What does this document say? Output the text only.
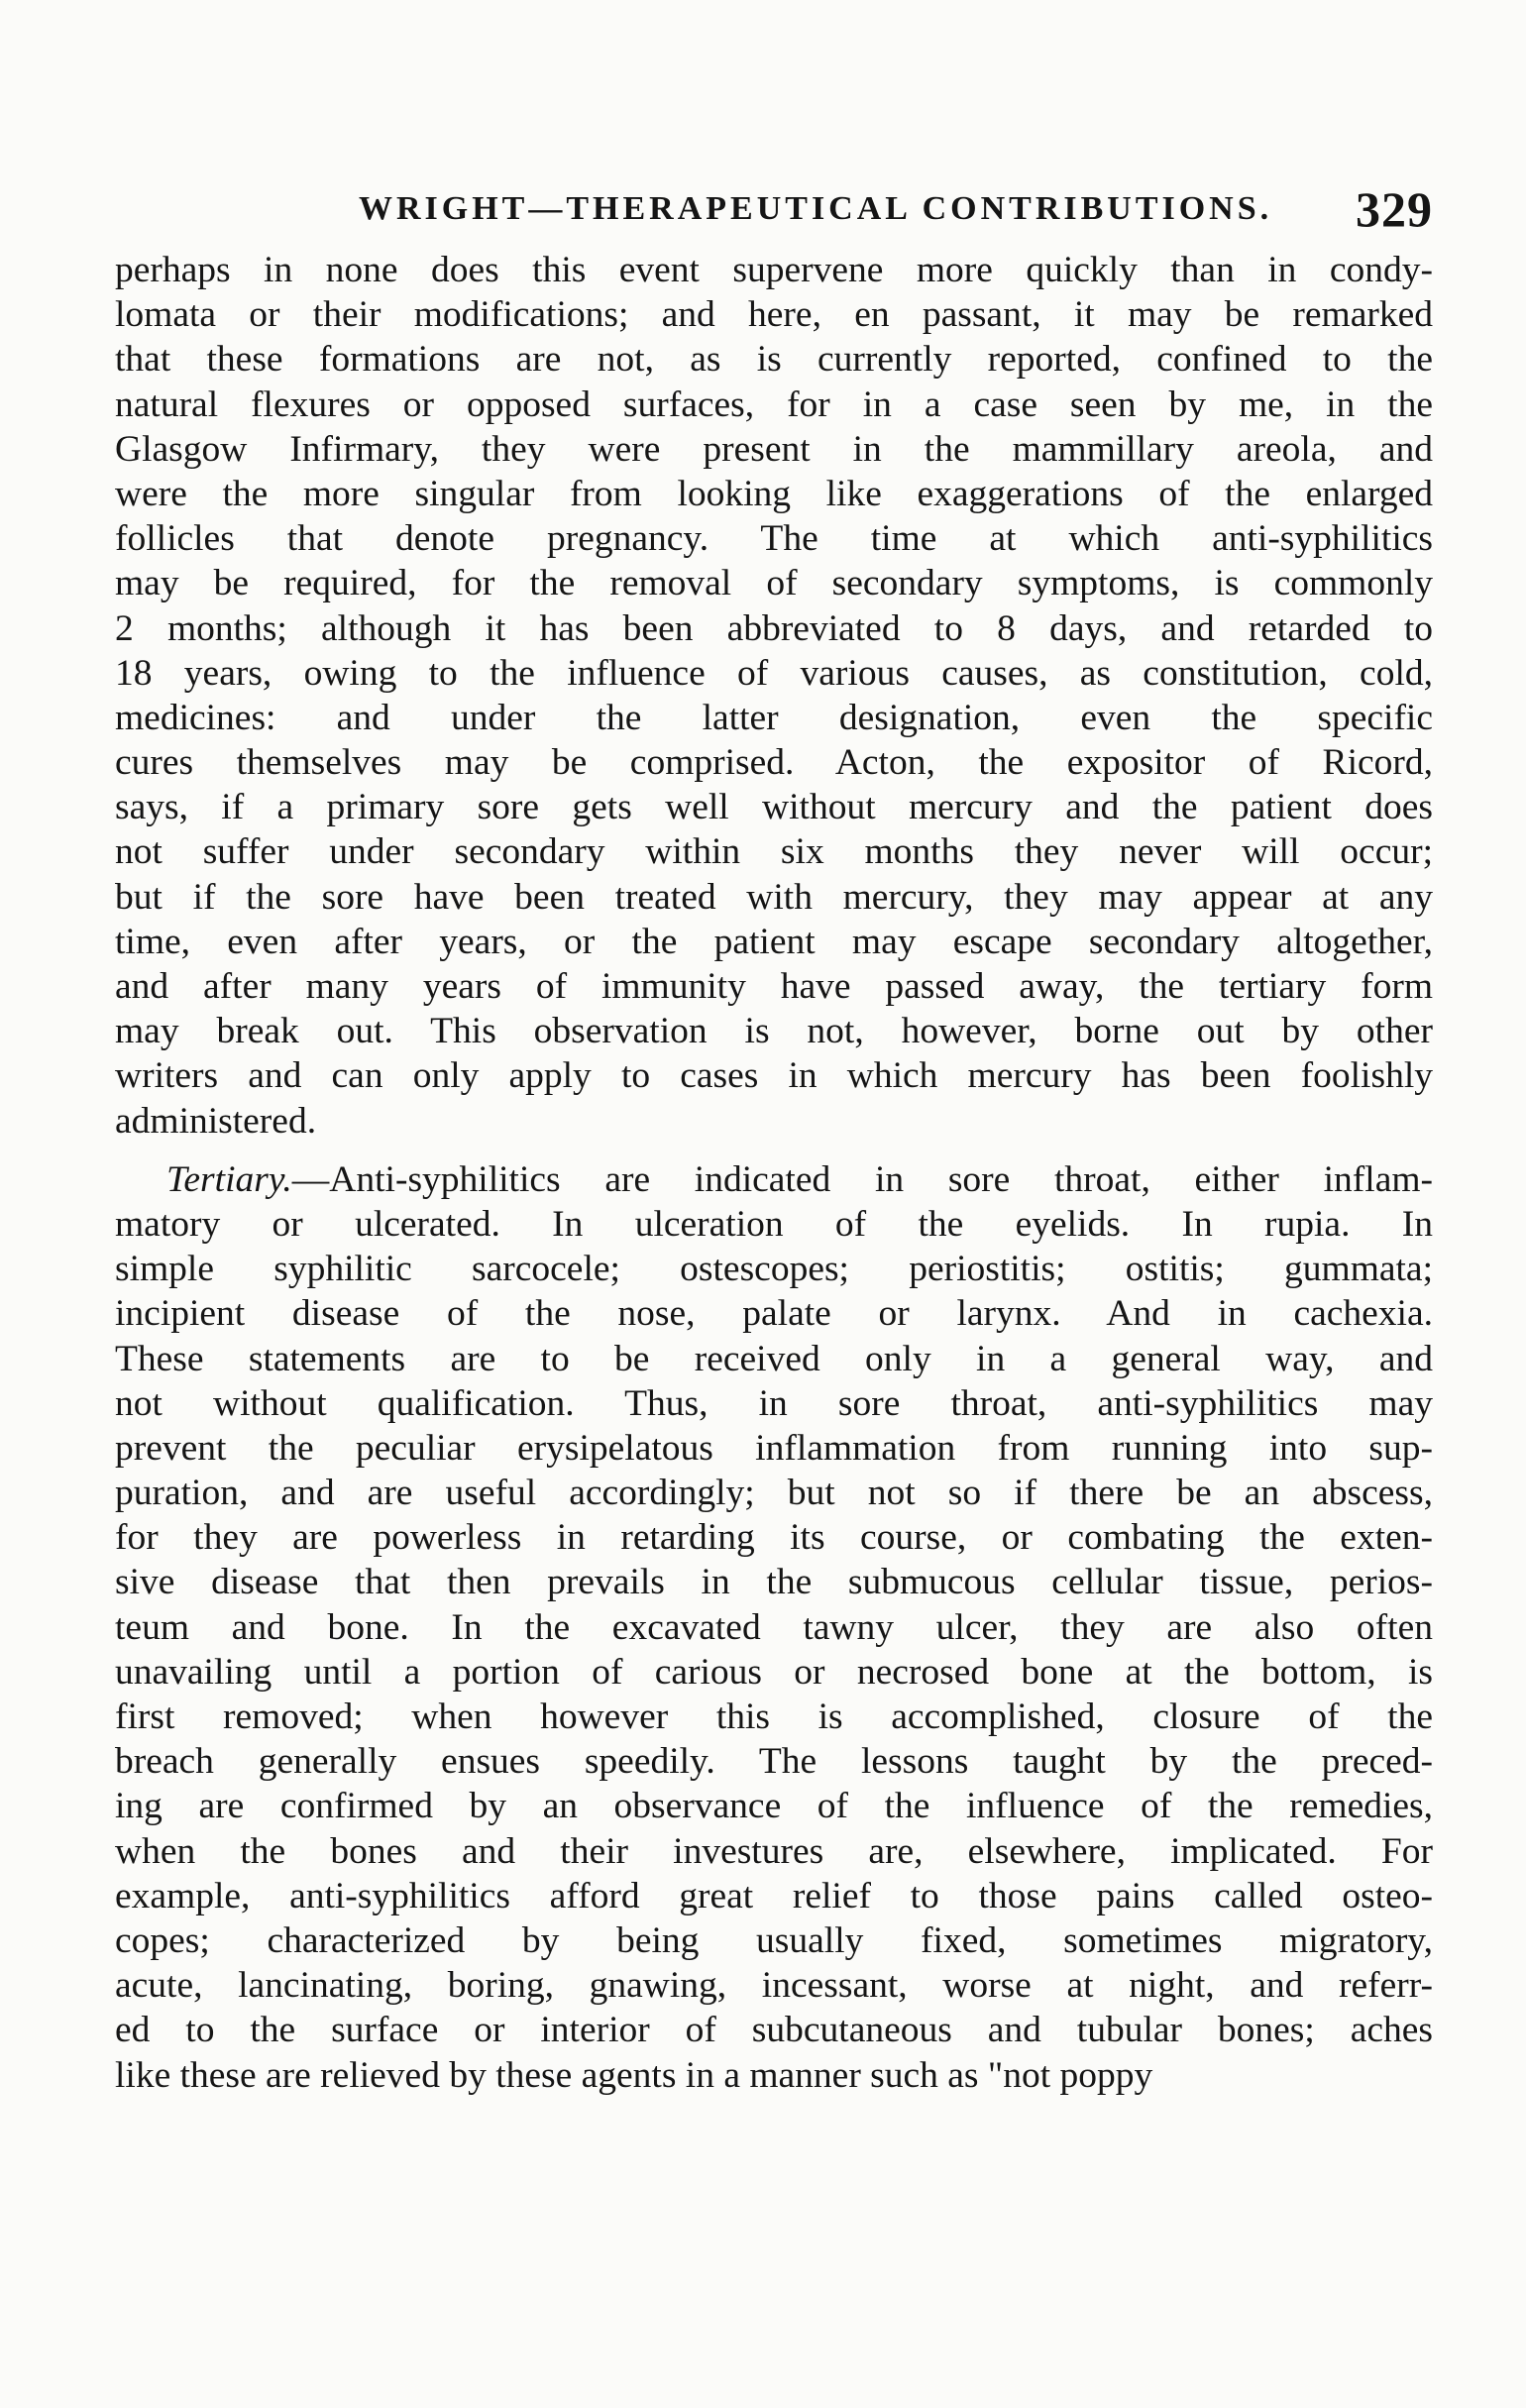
WRIGHT—THERAPEUTICAL CONTRIBUTIONS. 329
perhaps in none does this event supervene more quickly than in condy-
lomata or their modifications; and here, en passant, it may be remarked
that these formations are not, as is currently reported, confined to the
natural flexures or opposed surfaces, for in a case seen by me, in the
Glasgow Infirmary, they were present in the mammillary areola, and
were the more singular from looking like exaggerations of the enlarged
follicles that denote pregnancy. The time at which anti-syphilitics
may be required, for the removal of secondary symptoms, is commonly
2 months; although it has been abbreviated to 8 days, and retarded to
18 years, owing to the influence of various causes, as constitution, cold,
medicines: and under the latter designation, even the specific
cures themselves may be comprised. Acton, the expositor of Ricord,
says, if a primary sore gets well without mercury and the patient does
not suffer under secondary within six months they never will occur;
but if the sore have been treated with mercury, they may appear at any
time, even after years, or the patient may escape secondary altogether,
and after many years of immunity have passed away, the tertiary form
may break out. This observation is not, however, borne out by other
writers and can only apply to cases in which mercury has been foolishly
administered.
Tertiary.—Anti-syphilitics are indicated in sore throat, either inflam-
matory or ulcerated. In ulceration of the eyelids. In rupia. In
simple syphilitic sarcocele; ostescopes; periostitis; ostitis; gummata;
incipient disease of the nose, palate or larynx. And in cachexia.
These statements are to be received only in a general way, and
not without qualification. Thus, in sore throat, anti-syphilitics may
prevent the peculiar erysipelatous inflammation from running into sup-
puration, and are useful accordingly; but not so if there be an abscess,
for they are powerless in retarding its course, or combating the exten-
sive disease that then prevails in the submucous cellular tissue, perios-
teum and bone. In the excavated tawny ulcer, they are also often
unavailing until a portion of carious or necrosed bone at the bottom, is
first removed; when however this is accomplished, closure of the
breach generally ensues speedily. The lessons taught by the preced-
ing are confirmed by an observance of the influence of the remedies,
when the bones and their investures are, elsewhere, implicated. For
example, anti-syphilitics afford great relief to those pains called osteo-
copes; characterized by being usually fixed, sometimes migratory,
acute, lancinating, boring, gnawing, incessant, worse at night, and referr-
ed to the surface or interior of subcutaneous and tubular bones; aches
like these are relieved by these agents in a manner such as "not poppy
